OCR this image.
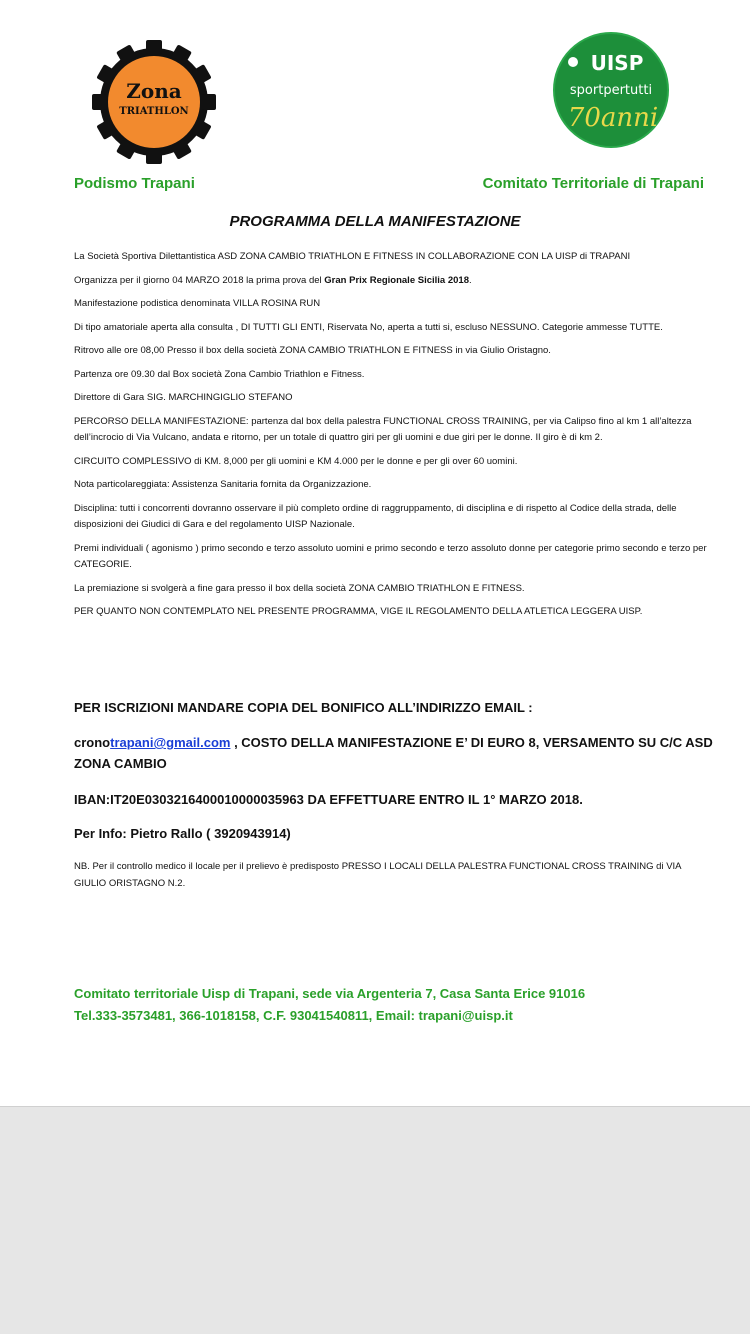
Zona
TRIATHLON
UISP
sportpertutti
70anni
Podismo Trapani	Comitato Territoriale di Trapani
PROGRAMMA DELLA MANIFESTAZIONE

La Società Sportiva Dilettantistica ASD ZONA CAMBIO TRIATHLON E FITNESS IN COLLABORAZIONE CON LA UISP di TRAPANI

Organizza per il giorno 04 MARZO 2018 la prima prova del Gran Prix Regionale Sicilia 2018.

Manifestazione podistica denominata VILLA ROSINA RUN

Di tipo amatoriale aperta alla consulta , DI TUTTI GLI ENTI, Riservata No, aperta a tutti si, escluso NESSUNO. Categorie ammesse TUTTE.

Ritrovo alle ore 08,00 Presso il box della società ZONA CAMBIO TRIATHLON E FITNESS in via Giulio Oristagno.

Partenza ore 09.30 dal Box società Zona Cambio Triathlon e Fitness.

Direttore di Gara SIG. MARCHINGIGLIO STEFANO

PERCORSO DELLA MANIFESTAZIONE: partenza dal box della palestra FUNCTIONAL CROSS TRAINING, per via Calipso fino al km 1 all’altezza dell’incrocio di Via Vulcano, andata e ritorno, per un totale di quattro giri per gli uomini e due giri per le donne. Il giro è di km 2.

CIRCUITO COMPLESSIVO di KM. 8,000 per gli uomini e KM 4.000 per le donne e per gli over 60 uomini.

Nota particolareggiata: Assistenza Sanitaria fornita da Organizzazione.

Disciplina: tutti i concorrenti dovranno osservare il più completo ordine di raggruppamento, di disciplina e di rispetto al Codice della strada, delle disposizioni dei Giudici di Gara e del regolamento UISP Nazionale.

Premi individuali ( agonismo ) primo secondo e terzo assoluto uomini e primo secondo e terzo assoluto donne per categorie primo secondo e terzo per CATEGORIE.

La premiazione si svolgerà a fine gara presso il box della società ZONA CAMBIO TRIATHLON E FITNESS.

PER QUANTO NON CONTEMPLATO NEL PRESENTE PROGRAMMA, VIGE IL REGOLAMENTO DELLA ATLETICA LEGGERA UISP.

PER ISCRIZIONI MANDARE COPIA DEL BONIFICO ALL’INDIRIZZO EMAIL :
cronotrapani@gmail.com , COSTO DELLA MANIFESTAZIONE E’ DI EURO 8, VERSAMENTO SU C/C ASD ZONA CAMBIO
IBAN:IT20E0303216400010000035963 DA EFFETTUARE ENTRO IL 1° MARZO 2018.
Per Info: Pietro Rallo ( 3920943914)
NB. Per il controllo medico il locale per il prelievo è predisposto PRESSO I LOCALI DELLA PALESTRA FUNCTIONAL CROSS TRAINING di VIA GIULIO ORISTAGNO N.2.
Comitato territoriale Uisp di Trapani, sede via Argenteria 7, Casa Santa Erice 91016
Tel.333-3573481, 366-1018158, C.F. 93041540811, Email: trapani@uisp.it
